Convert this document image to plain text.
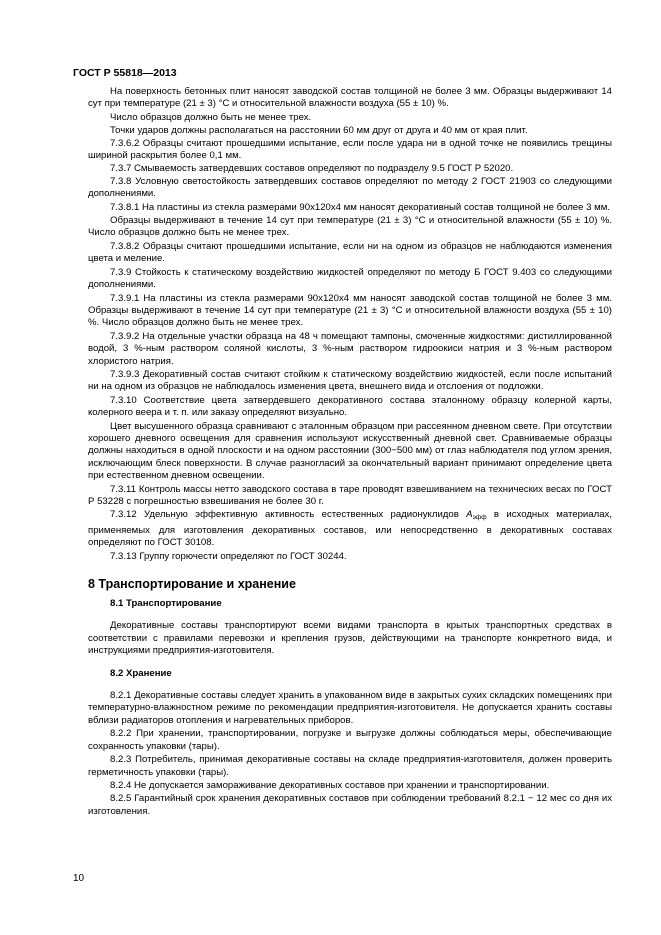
ГОСТ Р 55818—2013

На поверхность бетонных плит наносят заводской состав толщиной не более 3 мм. Образцы выдерживают 14 сут при температуре (21 ± 3) °С и относительной влажности воздуха (55 ± 10) %.

Число образцов должно быть не менее трех.

Точки ударов должны располагаться на расстоянии 60 мм друг от друга и 40 мм от края плит.

7.3.6.2 Образцы считают прошедшими испытание, если после удара ни в одной точке не появились трещины шириной раскрытия более 0,1 мм.

7.3.7 Смываемость затвердевших составов определяют по подразделу 9.5 ГОСТ Р 52020.

7.3.8 Условную светостойкость затвердевших составов определяют по методу 2 ГОСТ 21903 со следующими дополнениями.

7.3.8.1 На пластины из стекла размерами 90x120x4 мм наносят декоративный состав толщиной не более 3 мм.

Образцы выдерживают в течение 14 сут при температуре (21 ± 3) °С и относительной влажности (55 ± 10) %. Число образцов должно быть не менее трех.

7.3.8.2 Образцы считают прошедшими испытание, если ни на одном из образцов не наблюдаются изменения цвета и меление.

7.3.9 Стойкость к статическому воздействию жидкостей определяют по методу Б ГОСТ 9.403 со следующими дополнениями.

7.3.9.1 На пластины из стекла размерами 90x120x4 мм наносят заводской состав толщиной не более 3 мм. Образцы выдерживают в течение 14 сут при температуре (21 ± 3) °С и относительной влажности воздуха (55 ± 10) %. Число образцов должно быть не менее трех.

7.3.9.2 На отдельные участки образца на 48 ч помещают тампоны, смоченные жидкостями: дистиллированной водой, 3 %-ным раствором соляной кислоты, 3 %-ным раствором гидроокиси натрия и 3 %-ным раствором хлористого натрия.

7.3.9.3 Декоративный состав считают стойким к статическому воздействию жидкостей, если после испытаний ни на одном из образцов не наблюдалось изменения цвета, внешнего вида и отслоения от подложки.

7.3.10 Соответствие цвета затвердевшего декоративного состава эталонному образцу колерной карты, колерного веера и т. п. или заказу определяют визуально.

Цвет высушенного образца сравнивают с эталонным образцом при рассеянном дневном свете. При отсутствии хорошего дневного освещения для сравнения используют искусственный дневной свет. Сравниваемые образцы должны находиться в одной плоскости и на одном расстоянии (300−500 мм) от глаз наблюдателя под углом зрения, исключающим блеск поверхности. В случае разногласий за окончательный вариант принимают определение цвета при естественном дневном освещении.

7.3.11 Контроль массы нетто заводского состава в таре проводят взвешиванием на технических весах по ГОСТ Р 53228 с погрешностью взвешивания не более 30 г.

7.3.12 Удельную эффективную активность естественных радионуклидов $А_{эфф}$ в исходных материалах, применяемых для изготовления декоративных составов, или непосредственно в декоративных составах определяют по ГОСТ 30108.

7.3.13 Группу горючести определяют по ГОСТ 30244.

8 Транспортирование и хранение
8.1 Транспортирование

Декоративные составы транспортируют всеми видами транспорта в крытых транспортных средствах в соответствии с правилами перевозки и крепления грузов, действующими на транспорте конкретного вида, и инструкциями предприятия-изготовителя.

8.2 Хранение

8.2.1 Декоративные составы следует хранить в упакованном виде в закрытых сухих складских помещениях при температурно-влажностном режиме по рекомендации предприятия-изготовителя. Не допускается хранить составы вблизи радиаторов отопления и нагревательных приборов.

8.2.2 При хранении, транспортировании, погрузке и выгрузке должны соблюдаться меры, обеспечивающие сохранность упаковки (тары).

8.2.3 Потребитель, принимая декоративные составы на складе предприятия-изготовителя, должен проверить герметичность упаковки (тары).

8.2.4 Не допускается замораживание декоративных составов при хранении и транспортировании.

8.2.5 Гарантийный срок хранения декоративных составов при соблюдении требований 8.2.1 − 12 мес со дня их изготовления.

10
